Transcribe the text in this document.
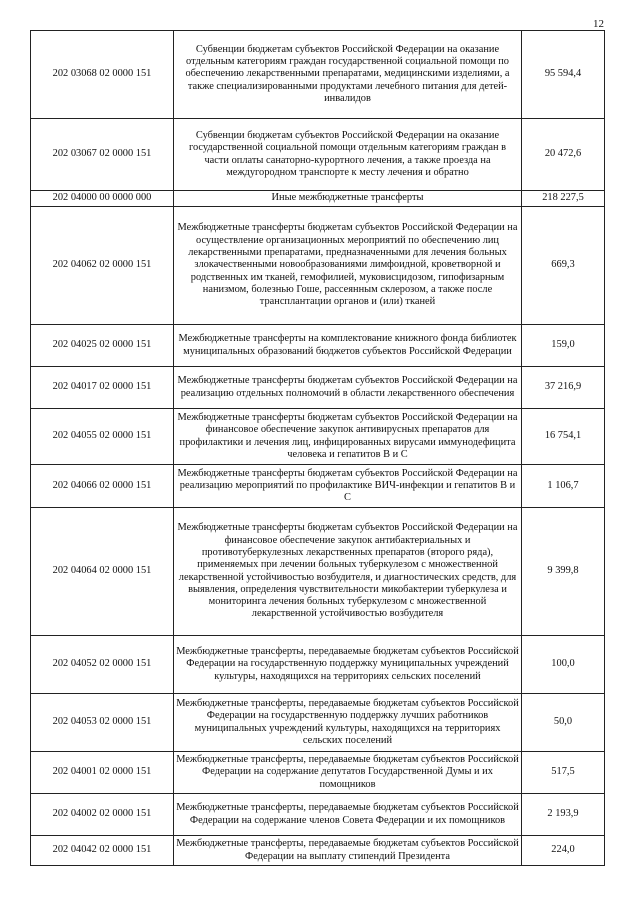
12
202 03068 02 0000 151	Субвенции бюджетам субъектов Российской Федерации на оказание отдельным категориям граждан государственной социальной помощи по обеспечению лекарственными препаратами, медицинскими изделиями, а также специализированными продуктами лечебного питания для детей-инвалидов	95 594,4
202 03067 02 0000 151	Субвенции бюджетам субъектов Российской Федерации на оказание государственной социальной помощи отдельным категориям граждан в части оплаты санаторно-курортного лечения, а также проезда на междугородном транспорте к месту лечения и обратно	20 472,6
202 04000 00 0000 000	Иные межбюджетные трансферты	218 227,5
202 04062 02 0000 151	Межбюджетные трансферты бюджетам субъектов Российской Федерации на осуществление организационных мероприятий по обеспечению лиц лекарственными препаратами, предназначенными для лечения больных злокачественными новообразованиями лимфоидной, кроветворной и родственных им тканей, гемофилией, муковисцидозом, гипофизарным нанизмом, болезнью Гоше, рассеянным склерозом, а также после трансплантации органов и (или) тканей	669,3
202 04025 02 0000 151	Межбюджетные трансферты на комплектование книжного фонда библиотек муниципальных образований бюджетов субъектов Российской Федерации	159,0
202 04017 02 0000 151	Межбюджетные трансферты бюджетам субъектов Российской Федерации на реализацию отдельных полномочий в области лекарственного обеспечения	37 216,9
202 04055 02 0000 151	Межбюджетные трансферты бюджетам субъектов Российской Федерации на финансовое обеспечение закупок антивирусных препаратов для профилактики и лечения лиц, инфицированных вирусами иммунодефицита человека и гепатитов В и С	16 754,1
202 04066 02 0000 151	Межбюджетные трансферты бюджетам субъектов Российской Федерации на реализацию мероприятий по профилактике ВИЧ-инфекции и гепатитов В и С	1 106,7
202 04064 02 0000 151	Межбюджетные трансферты бюджетам субъектов Российской Федерации на финансовое обеспечение закупок антибактериальных и противотуберкулезных лекарственных препаратов (второго ряда), применяемых при лечении больных туберкулезом с множественной лекарственной устойчивостью возбудителя, и диагностических средств, для выявления, определения чувствительности микобактерии туберкулеза и мониторинга лечения больных туберкулезом с множественной лекарственной устойчивостью возбудителя	9 399,8
202 04052 02 0000 151	Межбюджетные трансферты, передаваемые бюджетам субъектов Российской Федерации на государственную поддержку муниципальных учреждений культуры, находящихся на территориях сельских поселений	100,0
202 04053 02 0000 151	Межбюджетные трансферты, передаваемые бюджетам субъектов Российской Федерации на государственную поддержку лучших работников муниципальных учреждений культуры, находящихся на территориях сельских поселений	50,0
202 04001 02 0000 151	Межбюджетные трансферты, передаваемые бюджетам субъектов Российской Федерации на содержание депутатов Государственной Думы и их помощников	517,5
202 04002 02 0000 151	Межбюджетные трансферты, передаваемые бюджетам субъектов Российской Федерации на содержание членов Совета Федерации и их помощников	2 193,9
202 04042 02 0000 151	Межбюджетные трансферты, передаваемые бюджетам субъектов Российской Федерации на выплату стипендий Президента	224,0
